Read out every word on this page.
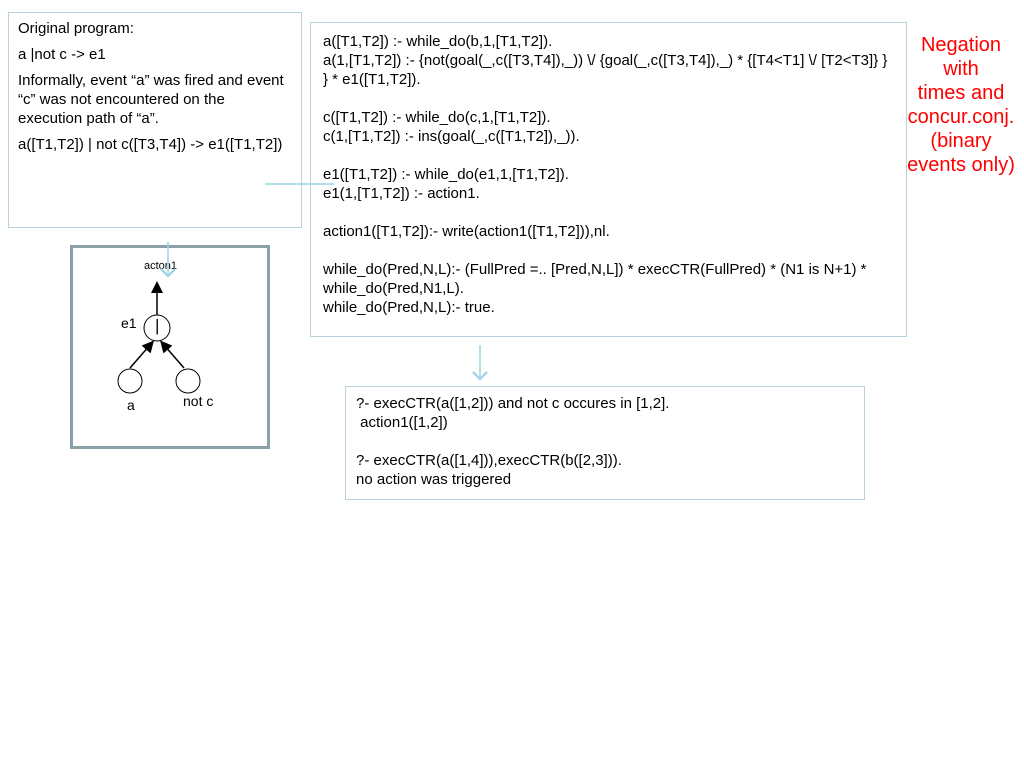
Original program:

a |not c -> e1

Informally, event “a” was fired and event “c” was not encountered on the execution path of “a”.

a([T1,T2]) | not c([T3,T4]) -> e1([T1,T2])

acton1
e1 |
a	not c
a([T1,T2]) :- while_do(b,1,[T1,T2]).
a(1,[T1,T2]) :- {not(goal(_,c([T3,T4]),_)) \/ {goal(_,c([T3,T4]),_) * {[T4<T1] \/ [T2<T3]} } } * e1([T1,T2]).

c([T1,T2]) :- while_do(c,1,[T1,T2]).
c(1,[T1,T2]) :- ins(goal(_,c([T1,T2]),_)).

e1([T1,T2]) :- while_do(e1,1,[T1,T2]).
e1(1,[T1,T2]) :- action1.

action1([T1,T2]):- write(action1([T1,T2])),nl.

while_do(Pred,N,L):- (FullPred =.. [Pred,N,L]) * execCTR(FullPred) * (N1 is N+1) * while_do(Pred,N1,L).
while_do(Pred,N,L):- true.
?- execCTR(a([1,2])) and not c occures in [1,2].
action1([1,2])

?- execCTR(a([1,4])),execCTR(b([2,3])).
no action was triggered
Negation
with
times and
concur.conj.
(binary
events only)
